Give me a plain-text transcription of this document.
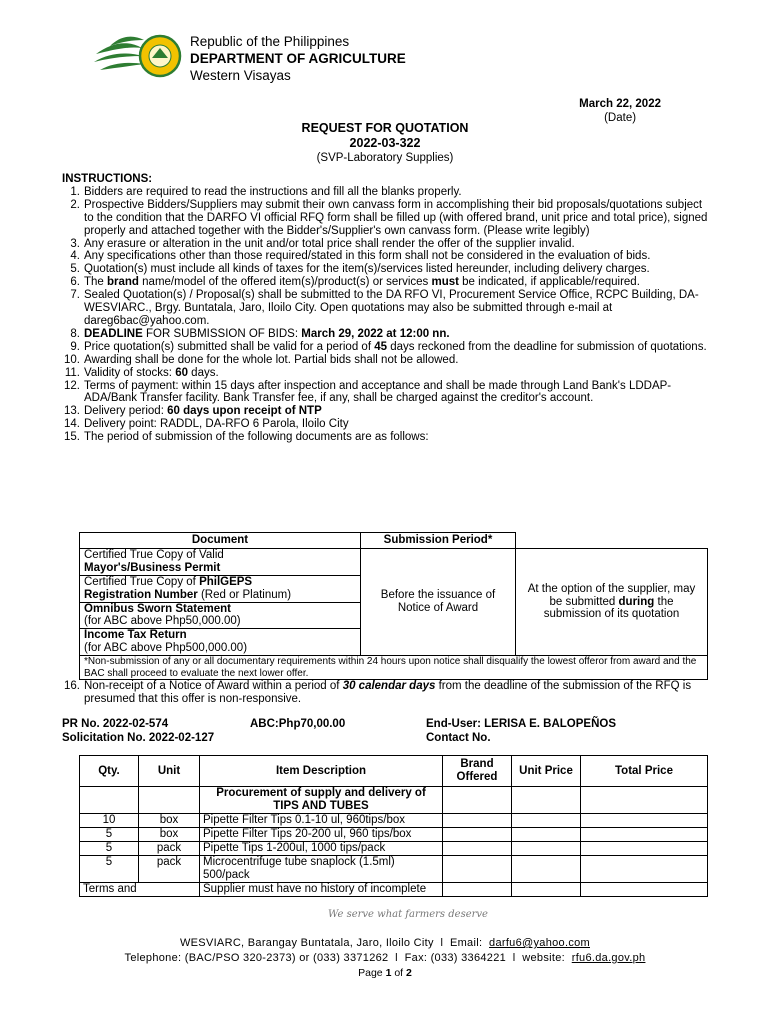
Republic of the Philippines
DEPARTMENT OF AGRICULTURE
Western Visayas
March 22, 2022
(Date)
REQUEST FOR QUOTATION
2022-03-322
(SVP-Laboratory Supplies)
INSTRUCTIONS:
1. Bidders are required to read the instructions and fill all the blanks properly.
2. Prospective Bidders/Suppliers may submit their own canvass form in accomplishing their bid proposals/quotations subject to the condition that the DARFO VI official RFQ form shall be filled up (with offered brand, unit price and total price), signed properly and attached together with the Bidder's/Supplier's own canvass form. (Please write legibly)
3. Any erasure or alteration in the unit and/or total price shall render the offer of the supplier invalid.
4. Any specifications other than those required/stated in this form shall not be considered in the evaluation of bids.
5. Quotation(s) must include all kinds of taxes for the item(s)/services listed hereunder, including delivery charges.
6. The brand name/model of the offered item(s)/product(s) or services must be indicated, if applicable/required.
7. Sealed Quotation(s) / Proposal(s) shall be submitted to the DA RFO VI, Procurement Service Office, RCPC Building, DA-WESVIARC., Brgy. Buntatala, Jaro, Iloilo City. Open quotations may also be submitted through e-mail at dareg6bac@yahoo.com.
8. DEADLINE FOR SUBMISSION OF BIDS: March 29, 2022 at 12:00 nn.
9. Price quotation(s) submitted shall be valid for a period of 45 days reckoned from the deadline for submission of quotations.
10. Awarding shall be done for the whole lot. Partial bids shall not be allowed.
11. Validity of stocks: 60 days.
12. Terms of payment: within 15 days after inspection and acceptance and shall be made through Land Bank's LDDAP-ADA/Bank Transfer facility. Bank Transfer fee, if any, shall be charged against the creditor's account.
13. Delivery period: 60 days upon receipt of NTP
14. Delivery point: RADDL, DA-RFO 6 Parola, Iloilo City
15. The period of submission of the following documents are as follows:
Document	Submission Period*	

Certified True Copy of Valid
Mayor's/Business Permit	Before the issuance of Notice of Award	At the option of the supplier, may be submitted during the submission of its quotation

Certified True Copy of PhilGEPS
Registration Number (Red or Platinum)		

Omnibus Sworn Statement
(for ABC above Php50,000.00)		

Income Tax Return
(for ABC above Php500,000.00)		

*Non-submission of any or all documentary requirements within 24 hours upon notice shall disqualify the lowest offeror from award and the BAC shall proceed to evaluate the next lower offer.		
16. Non-receipt of a Notice of Award within a period of 30 calendar days from the deadline of the submission of the RFQ is presumed that this offer is non-responsive.
PR No. 2022-02-574	ABC:Php70,00.00
Solicitation No. 2022-02-127
End-User: LERISA E. BALOPEÑOS
Contact No.
Qty.	Unit	Item Description	Brand Offered	Unit Price	Total Price
		Procurement of supply and delivery of TIPS AND TUBES			
10	box	Pipette Filter Tips 0.1-10 ul, 960tips/box			
5	box	Pipette Filter Tips 20-200 ul, 960 tips/box			
5	pack	Pipette Tips 1-200ul, 1000 tips/pack			
5	pack	Microcentrifuge tube snaplock (1.5ml) 500/pack			
Terms and		Supplier must have no history of incomplete			
We serve what farmers deserve
WESVIARC, Barangay Buntatala, Jaro, Iloilo City l Email: darfu6@yahoo.com
Telephone: (BAC/PSO 320-2373) or (033) 3371262 l Fax: (033) 3364221 l website: rfu6.da.gov.ph
Page 1 of 2
